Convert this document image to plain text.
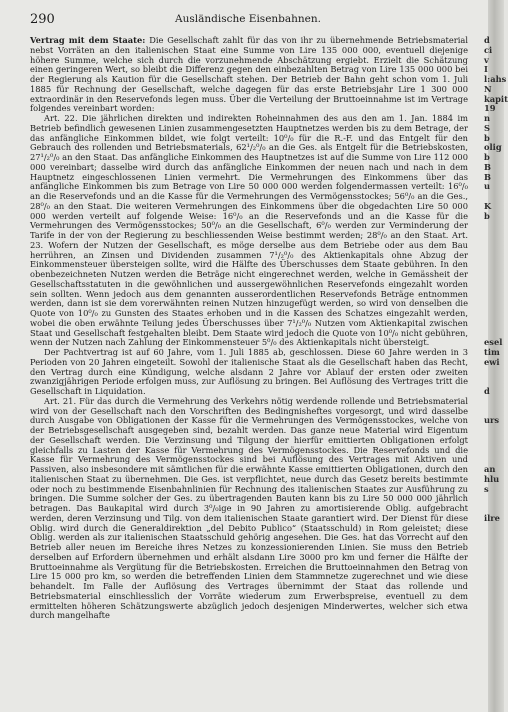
290	Ausländische Eisenbahnen.

Vertrag mit dem Staate: Die Gesellschaft zahlt für das von ihr zu übernehmende Betriebsmaterial nebst Vorräten an den italienischen Staat eine Summe von Lire 135 000 000, eventuell diejenige höhere Summe, welche sich durch die vorzunehmende Abschätzung ergiebt. Erzielt die Schätzung einen geringeren Wert, so bleibt die Differenz gegen den einbezahlten Betrag von Lire 135 000 000 bei der Regierung als Kaution für die Gesellschaft stehen. Der Betrieb der Bahn geht schon vom 1. Juli 1885 für Rechnung der Gesellschaft, welche dagegen für das erste Betriebsjahr Lire 1 300 000 extraordinär in den Reservefonds legen muss. Über die Verteilung der Bruttoeinnahme ist im Vertrage folgendes vereinbart worden:

Art. 22. Die jährlichen direkten und indirekten Roheinnahmen des aus den am 1. Jan. 1884 im Betrieb befindlich gewesenen Linien zusammengesetzten Hauptnetzes werden bis zu dem Betrage, der das anfängliche Einkommen bildet, wie folgt verteilt: 10⁰/₀ für die R.-F. und das Entgelt für den Gebrauch des rollenden und Betriebsmaterials, 62¹/₂⁰/₀ an die Ges. als Entgelt für die Betriebskosten, 27¹/₂⁰/₀ an den Staat. Das anfängliche Einkommen des Hauptnetzes ist auf die Summe von Lire 112 000 000 vereinbart; dasselbe wird durch das anfängliche Einkommen der neuen nach und nach in dem Hauptnetz eingeschlossenen Linien vermehrt. Die Vermehrungen des Einkommens über das anfängliche Einkommen bis zum Betrage von Lire 50 000 000 werden folgendermassen verteilt: 16⁰/₀ an die Reservefonds und an die Kasse für die Vermehrungen des Vermögensstockes; 56⁰/₀ an die Ges., 28⁰/₀ an den Staat. Die weiteren Vermehrungen des Einkommens über die obgedachten Lire 50 000 000 werden verteilt auf folgende Weise: 16⁰/₀ an die Reservefonds und an die Kasse für die Vermehrungen des Vermögensstockes; 50⁰/₀ an die Gesellschaft, 6⁰/₀ werden zur Verminderung der Tarife in der von der Regierung zu beschliessenden Weise bestimmt werden; 28⁰/₀ an den Staat. Art. 23. Wofern der Nutzen der Gesellschaft, es möge derselbe aus dem Betriebe oder aus dem Bau herrühren, an Zinsen und Dividenden zusammen 7¹/₂⁰/₀ des Aktienkapitals ohne Abzug der Einkommensteuer übersteigen sollte, wird die Hälfte des Überschusses dem Staate gebühren. In den obenbezeichneten Nutzen werden die Beträge nicht eingerechnet werden, welche in Gemässheit der Gesellschaftsstatuten in die gewöhnlichen und aussergewöhnlichen Reservefonds eingezahlt worden sein sollten. Wenn jedoch aus dem genannten ausserordentlichen Reservefonds Beträge entnommen werden, dann ist sie dem vorerwähnten reinen Nutzen hinzugefügt werden, so wird von denselben die Quote von 10⁰/₀ zu Gunsten des Staates erhoben und in die Kassen des Schatzes eingezahlt werden, wobei die oben erwähnte Teilung jedes Überschusses über 7¹/₂⁰/₀ Nutzen vom Aktienkapital zwischen Staat und Gesellschaft festgehalten bleibt. Dem Staate wird jedoch die Quote von 10⁰/₀ nicht gebühren, wenn der Nutzen nach Zahlung der Einkommensteuer 5⁰/₀ des Aktienkapitals nicht übersteigt.

Der Pachtvertrag ist auf 60 Jahre, vom 1. Juli 1885 ab, geschlossen. Diese 60 Jahre werden in 3 Perioden von 20 Jahren eingeteilt. Sowohl der italienische Staat als die Gesellschaft haben das Recht, den Vertrag durch eine Kündigung, welche alsdann 2 Jahre vor Ablauf der ersten oder zweiten zwanzigjährigen Periode erfolgen muss, zur Auflösung zu bringen. Bei Auflösung des Vertrages tritt die Gesellschaft in Liquidation.

Art. 21. Für das durch die Vermehrung des Verkehrs nötig werdende rollende und Betriebsmaterial wird von der Gesellschaft nach den Vorschriften des Bedingnisheftes vorgesorgt, und wird dasselbe durch Ausgabe von Obligationen der Kasse für die Vermehrungen des Vermögensstockes, welche von der Betriebsgesellschaft ausgegeben sind, bezahlt werden. Das ganze neue Material wird Eigentum der Gesellschaft werden. Die Verzinsung und Tilgung der hierfür emittierten Obligationen erfolgt gleichfalls zu Lasten der Kasse für Vermehrung des Vermögensstockes. Die Reservefonds und die Kasse für Vermehrung des Vermögensstockes sind bei Auflösung des Vertrages mit Aktiven und Passiven, also insbesondere mit sämtlichen für die erwähnte Kasse emittierten Obligationen, durch den italienischen Staat zu übernehmen. Die Ges. ist verpflichtet, neue durch das Gesetz bereits bestimmte oder noch zu bestimmende Eisenbahnlinien für Rechnung des italienischen Staates zur Ausführung zu bringen. Die Summe solcher der Ges. zu übertragenden Bauten kann bis zu Lire 50 000 000 jährlich betragen. Das Baukapital wird durch 3⁰/₀ige in 90 Jahren zu amortisierende Oblig. aufgebracht werden, deren Verzinsung und Tilg. von dem italienischen Staate garantiert wird. Der Dienst für diese Oblig. wird durch die Generaldirektion „del Debito Publico“ (Staatsschuld) in Rom geleistet; diese Oblig. werden als zur italienischen Staatsschuld gehörig angesehen. Die Ges. hat das Vorrecht auf den Betrieb aller neuen im Bereiche ihres Netzes zu konzessionierenden Linien. Sie muss den Betrieb derselben auf Erfordern übernehmen und erhält alsdann Lire 3000 pro km und ferner die Hälfte der Bruttoeinnahme als Vergütung für die Betriebskosten. Erreichen die Bruttoeinnahmen den Betrag von Lire 15 000 pro km, so werden die betreffenden Linien dem Stammnetze zugerechnet und wie diese behandelt. Im Falle der Auflösung des Vertrages übernimmt der Staat das rollende und Betriebsmaterial einschliesslich der Vorräte wiederum zum Erwerbspreise, eventuell zu dem ermittelten höheren Schätzungswerte abzüglich jedoch desjenigen Minderwertes, welcher sich etwa durch mangelhafte

d
ci
v
I
l:ahs
N
kapit
19
n
S
b
olig
b
B
B
u
K
b
esel
tim
ewi
d
urs
an
hlu
s
ilre
